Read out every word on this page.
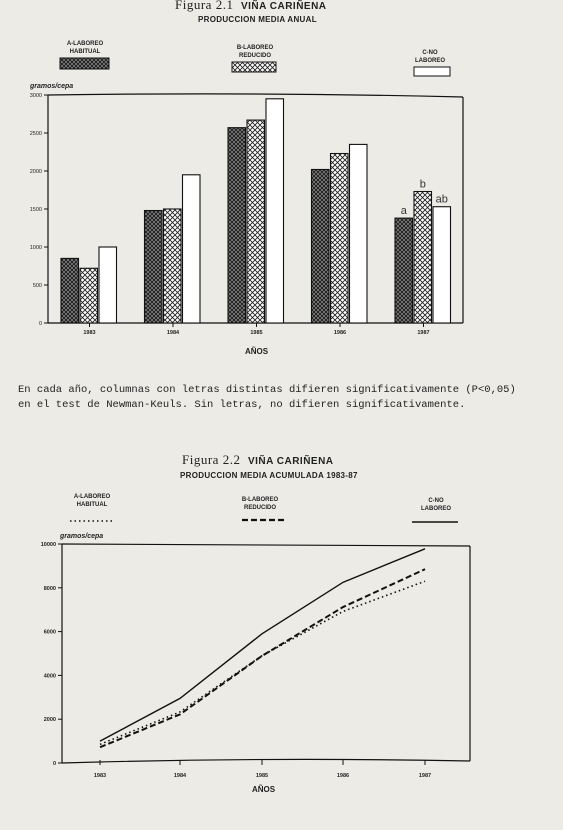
Figura 2.1 VIÑA CARIÑENA
PRODUCCION MEDIA ANUAL
A-LABOREO
HABITUAL
B-LABOREO
REDUCIDO	C-NO
LABOREO
gramos/cepa
0
500
1000
1500
2000
2500
3000
1983	1984	1985	1986	1987
a
b
ab
AÑOS
En cada año, columnas con letras distintas difieren significativamente (P<0,05)
en el test de Newman-Keuls. Sin letras, no difieren significativamente.
Figura 2.2 VIÑA CARIÑENA
PRODUCCION MEDIA ACUMULADA 1983-87
A-LABOREO
HABITUAL
B-LABOREO
REDUCIDO
C-NO
LABOREO
gramos/cepa
0
2000
4000
6000
8000
10000
1983	1984	1985	1986	1987
AÑOS
